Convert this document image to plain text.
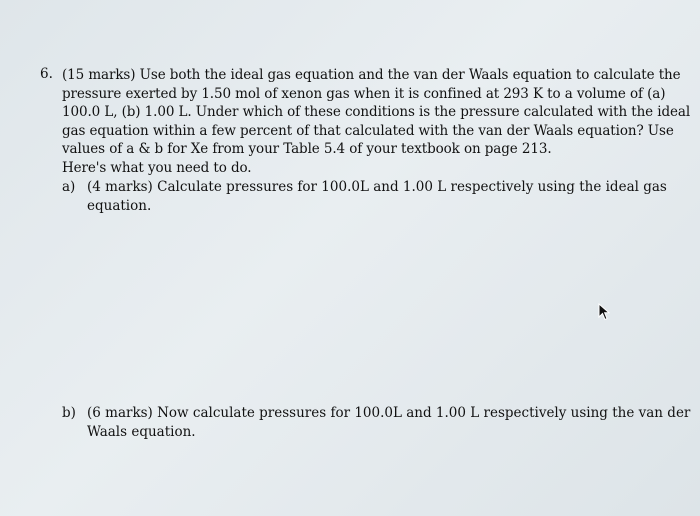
6. (15 marks) Use both the ideal gas equation and the van der Waals equation to calculate the
pressure exerted by 1.50 mol of xenon gas when it is confined at 293 K to a volume of (a)
100.0 L, (b) 1.00 L. Under which of these conditions is the pressure calculated with the ideal
gas equation within a few percent of that calculated with the van der Waals equation? Use
values of a & b for Xe from your Table 5.4 of your textbook on page 213.
Here's what you need to do.
a) (4 marks) Calculate pressures for 100.0L and 1.00 L respectively using the ideal gas
equation.
b) (6 marks) Now calculate pressures for 100.0L and 1.00 L respectively using the van der
Waals equation.
